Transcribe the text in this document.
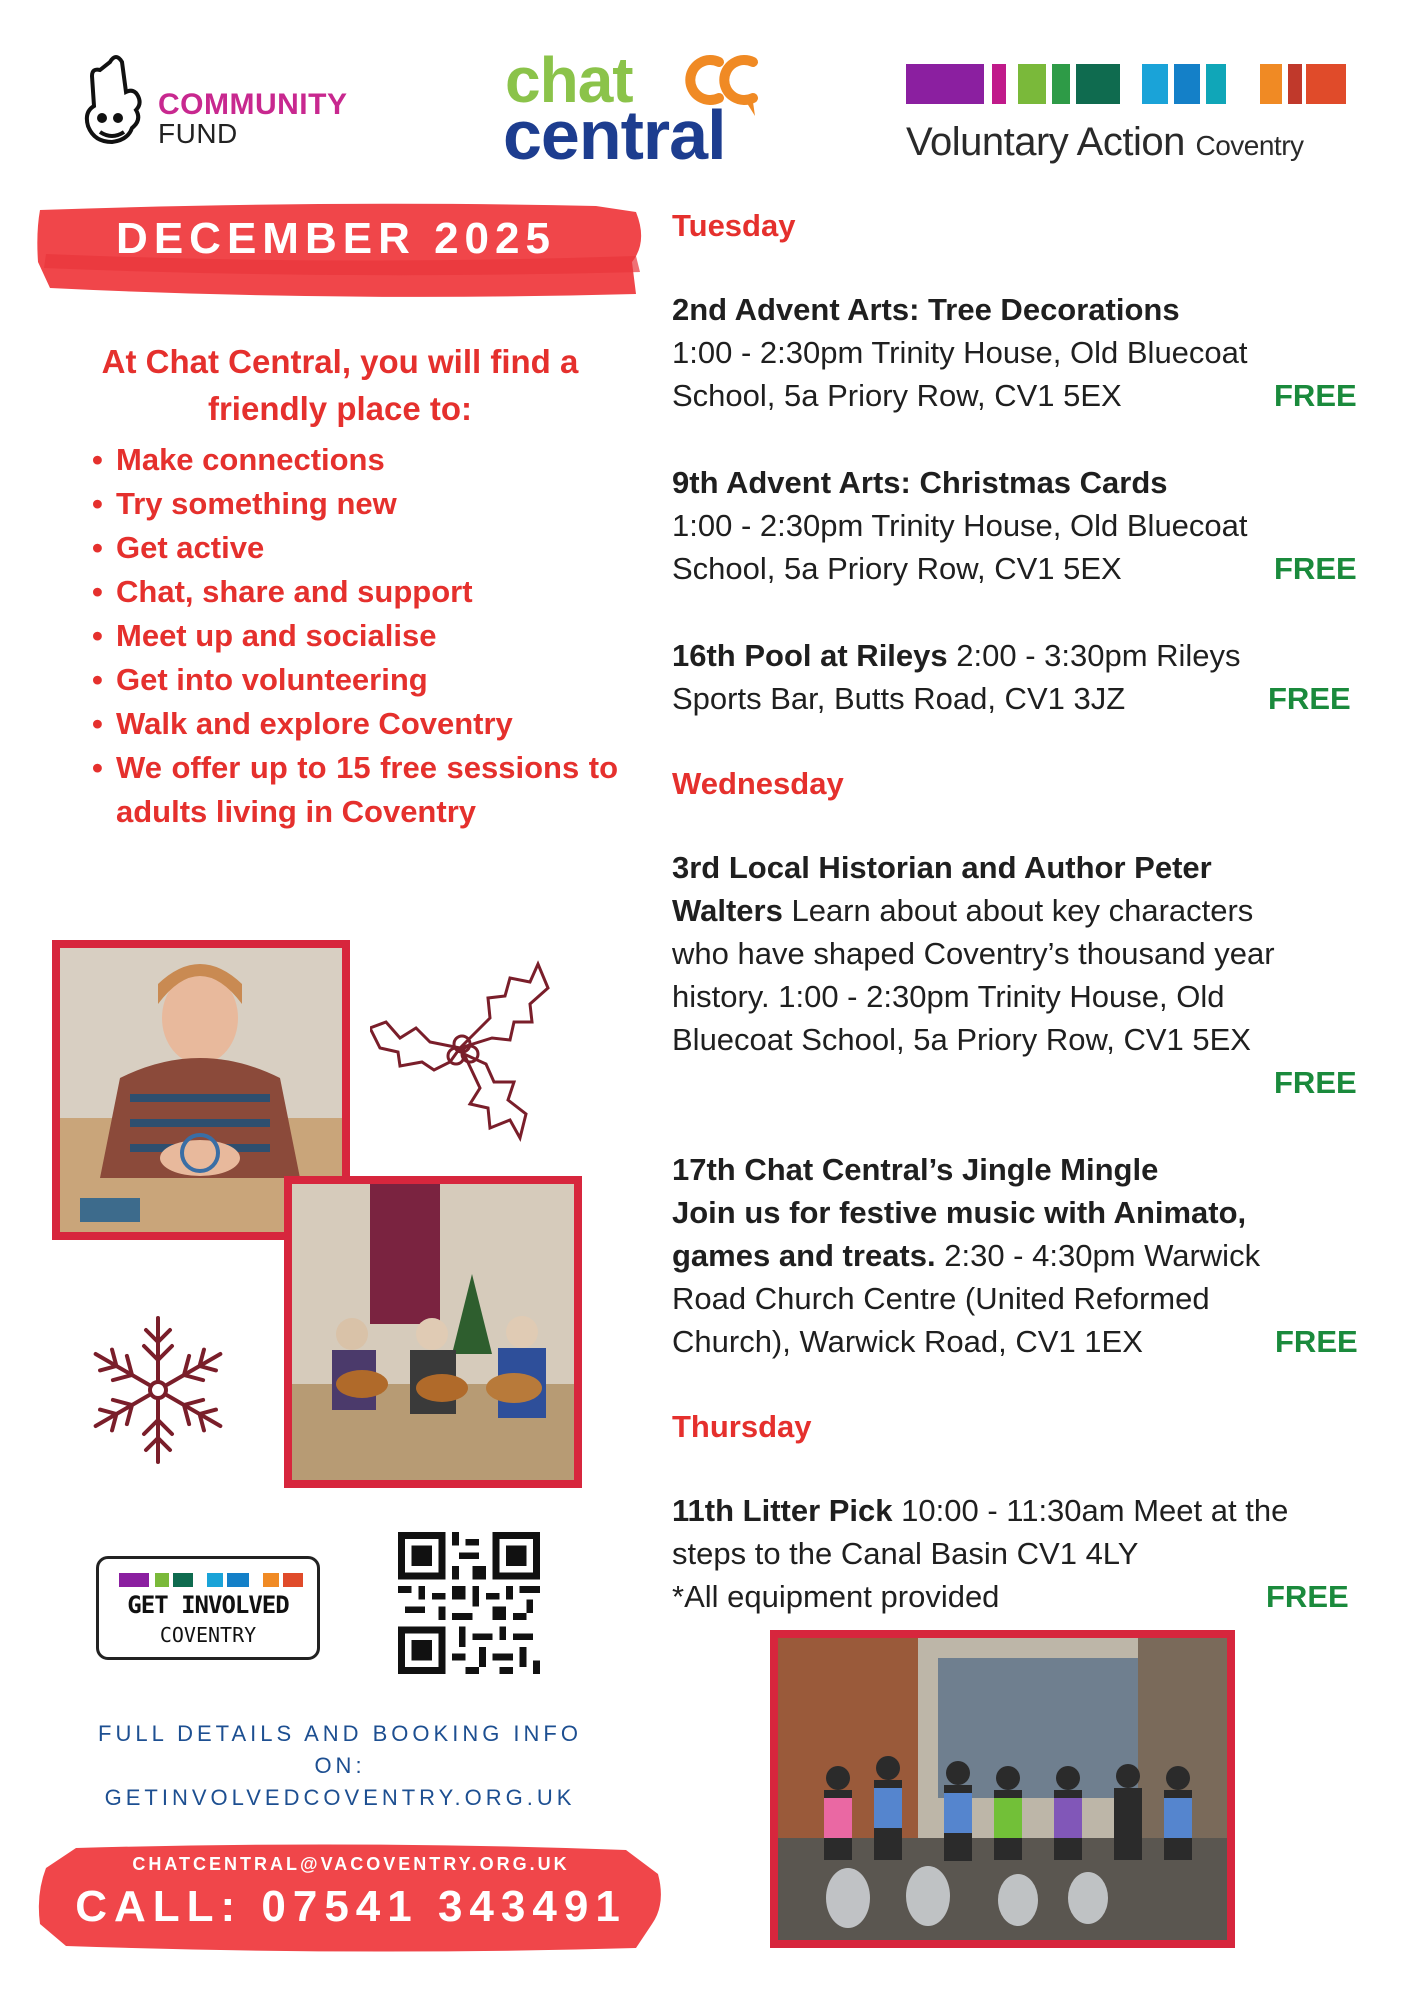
COMMUNITY
FUND
chat
central	Voluntary Action Coventry
DECEMBER 2025
At Chat Central, you will find a friendly place to:
• Make connections
• Try something new
• Get active
• Chat, share and support
• Meet up and socialise
• Get into volunteering
• Walk and explore Coventry
• We offer up to 15 free sessions to adults living in Coventry
GET INVOLVED
COVENTRY
FULL DETAILS AND BOOKING INFO
ON:
GETINVOLVEDCOVENTRY.ORG.UK
CHATCENTRAL@VACOVENTRY.ORG.UK
CALL: 07541 343491

Tuesday

2nd Advent Arts: Tree Decorations
1:00 - 2:30pm Trinity House, Old Bluecoat
School, 5a Priory Row, CV1 5EX	FREE
9th Advent Arts: Christmas Cards
1:00 - 2:30pm Trinity House, Old Bluecoat
School, 5a Priory Row, CV1 5EX	FREE
16th Pool at Rileys 2:00 - 3:30pm Rileys
Sports Bar, Butts Road, CV1 3JZ	FREE

Wednesday

3rd Local Historian and Author Peter
Walters Learn about about key characters
who have shaped Coventry’s thousand year
history. 1:00 - 2:30pm Trinity House, Old
Bluecoat School, 5a Priory Row, CV1 5EX
FREE
17th Chat Central’s Jingle Mingle
Join us for festive music with Animato,
games and treats. 2:30 - 4:30pm Warwick
Road Church Centre (United Reformed
Church), Warwick Road, CV1 1EX	FREE

Thursday

11th Litter Pick 10:00 - 11:30am Meet at the
steps to the Canal Basin CV1 4LY
*All equipment provided	FREE
